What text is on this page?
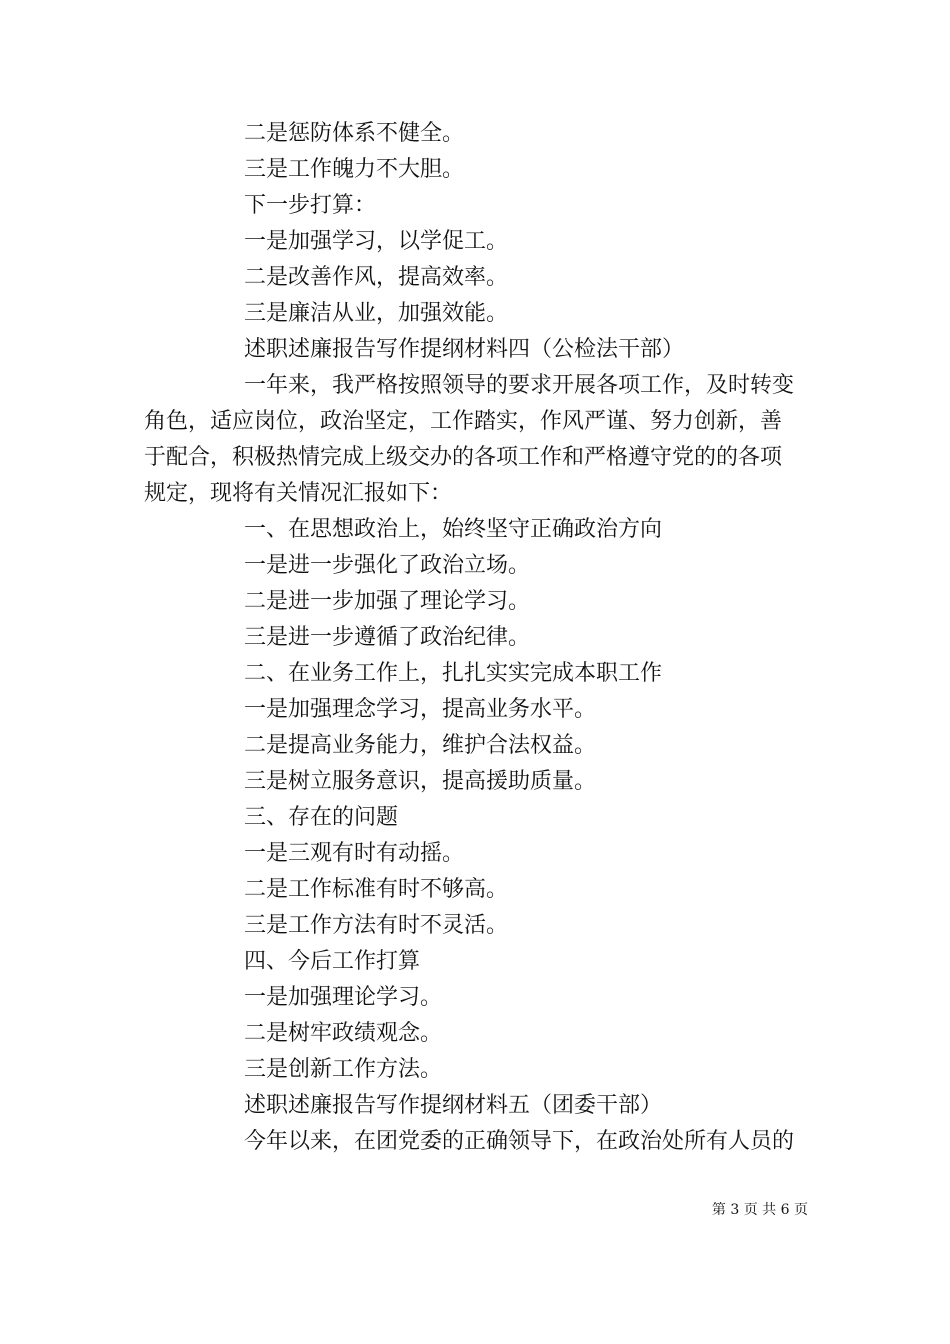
二是惩防体系不健全。

三是工作魄力不大胆。

下一步打算：

一是加强学习，以学促工。

二是改善作风，提高效率。

三是廉洁从业，加强效能。

述职述廉报告写作提纲材料四（公检法干部）

一年来，我严格按照领导的要求开展各项工作，及时转变

角色，适应岗位，政治坚定，工作踏实，作风严谨、努力创新，善

于配合，积极热情完成上级交办的各项工作和严格遵守党的的各项

规定，现将有关情况汇报如下：

一、在思想政治上，始终坚守正确政治方向

一是进一步强化了政治立场。

二是进一步加强了理论学习。

三是进一步遵循了政治纪律。

二、在业务工作上，扎扎实实完成本职工作

一是加强理念学习，提高业务水平。

二是提高业务能力，维护合法权益。

三是树立服务意识，提高援助质量。

三、存在的问题

一是三观有时有动摇。

二是工作标准有时不够高。

三是工作方法有时不灵活。

四、今后工作打算

一是加强理论学习。

二是树牢政绩观念。

三是创新工作方法。

述职述廉报告写作提纲材料五（团委干部）

今年以来，在团党委的正确领导下，在政治处所有人员的

第 3 页 共 6 页
